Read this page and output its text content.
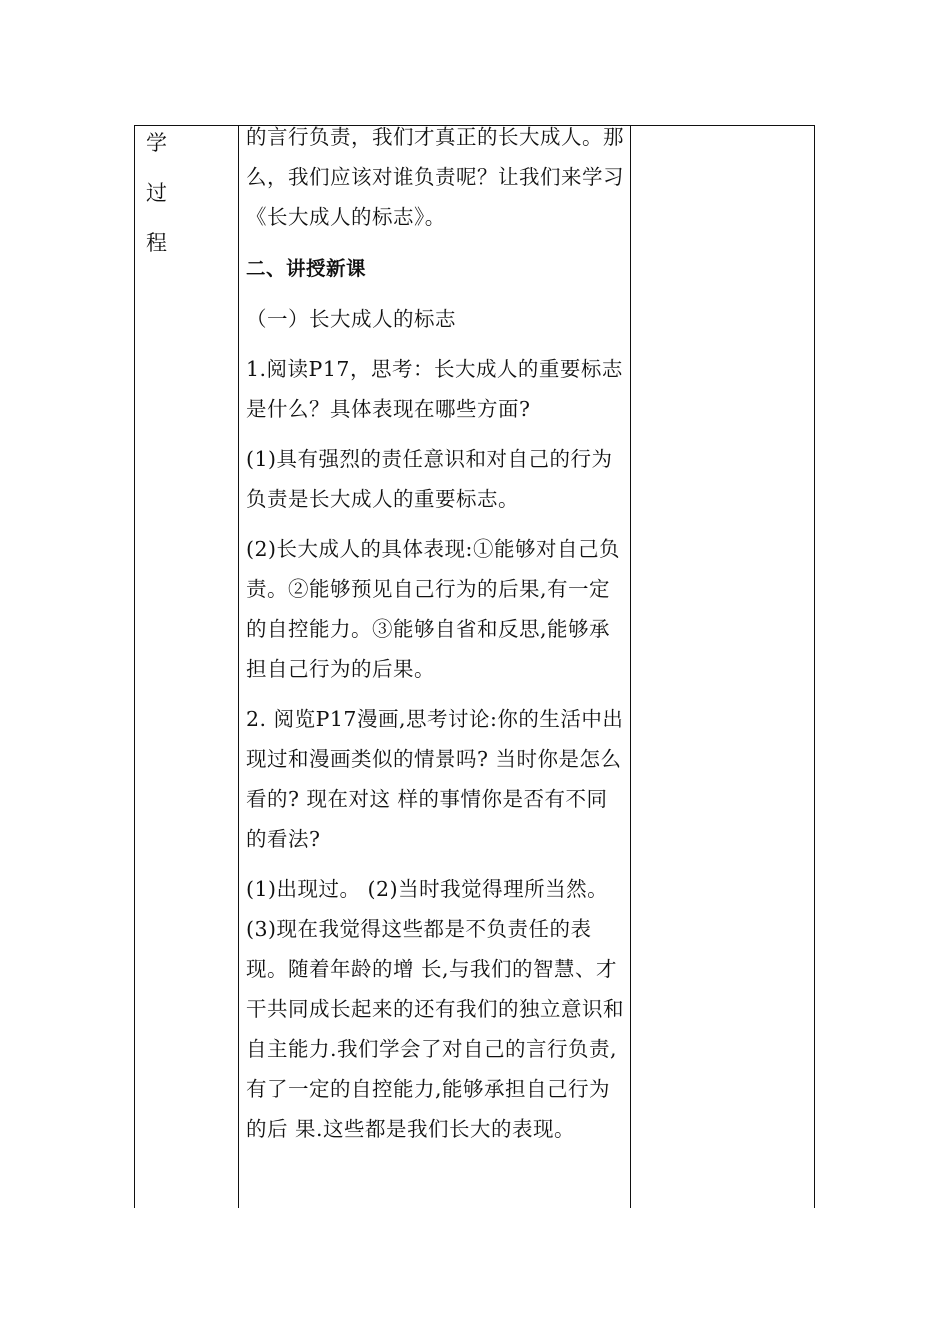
学
过
程
的言行负责，我们才真正的长大成人。那么，我们应该对谁负责呢？让我们来学习《长大成人的标志》。
二、讲授新课
（一）长大成人的标志
1.阅读P17，思考：长大成人的重要标志是什么？具体表现在哪些方面?
(1)具有强烈的责任意识和对自己的行为负责是长大成人的重要标志。
(2)长大成人的具体表现:①能够对自己负责。②能够预见自己行为的后果,有一定的自控能力。③能够自省和反思,能够承担自己行为的后果。
2. 阅览P17漫画,思考讨论:你的生活中出现过和漫画类似的情景吗? 当时你是怎么看的? 现在对这 样的事情你是否有不同的看法?
(1)出现过。 (2)当时我觉得理所当然。(3)现在我觉得这些都是不负责任的表现。随着年龄的增 长,与我们的智慧、才干共同成长起来的还有我们的独立意识和自主能力.我们学会了对自己的言行负责,有了一定的自控能力,能够承担自己行为的后 果.这些都是我们长大的表现。
